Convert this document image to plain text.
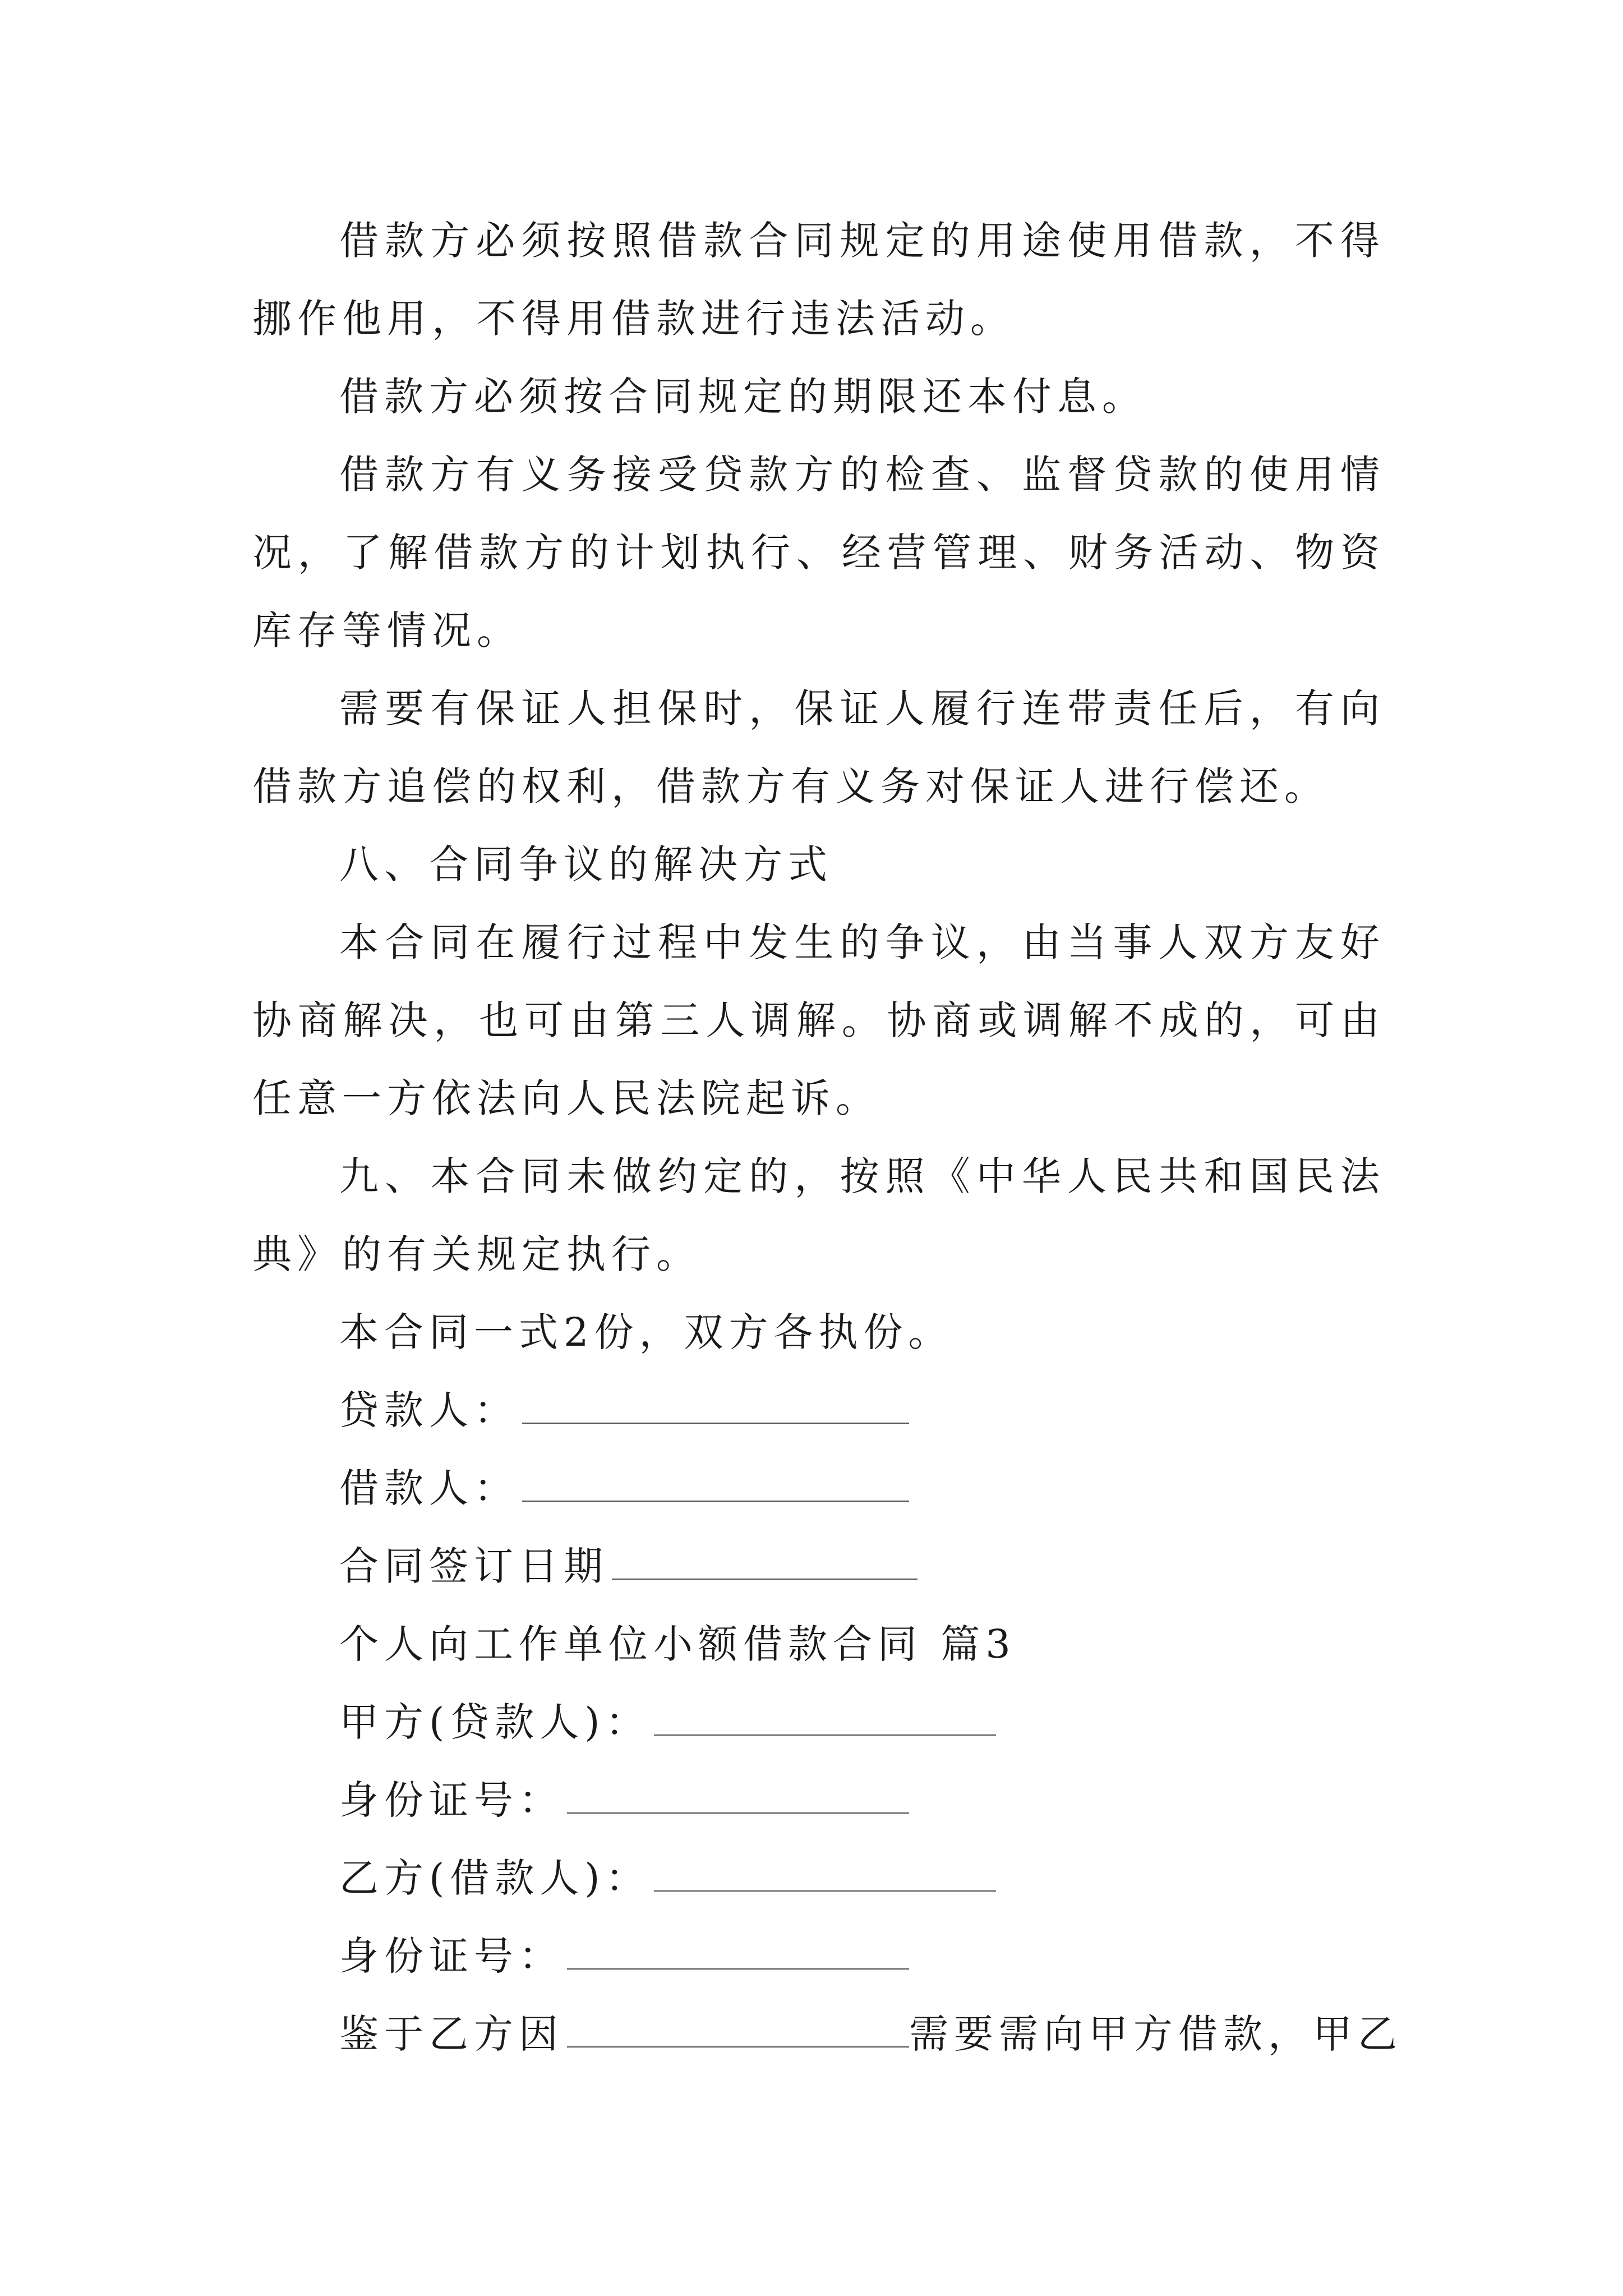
借款方必须按照借款合同规定的用途使用借款，不得挪作他用，不得用借款进行违法活动。

借款方必须按合同规定的期限还本付息。

借款方有义务接受贷款方的检查、监督贷款的使用情况，了解借款方的计划执行、经营管理、财务活动、物资库存等情况。

需要有保证人担保时，保证人履行连带责任后，有向借款方追偿的权利，借款方有义务对保证人进行偿还。

八、合同争议的解决方式

本合同在履行过程中发生的争议，由当事人双方友好协商解决，也可由第三人调解。协商或调解不成的，可由任意一方依法向人民法院起诉。

九、本合同未做约定的，按照《中华人民共和国民法典》的有关规定执行。

本合同一式2份，双方各执份。

贷款人：
借款人：
合同签订日期
个人向工作单位小额借款合同 篇3
甲方(贷款人)：
身份证号：
乙方(借款人)：
身份证号：
鉴于乙方因	需要需向甲方借款，甲乙
